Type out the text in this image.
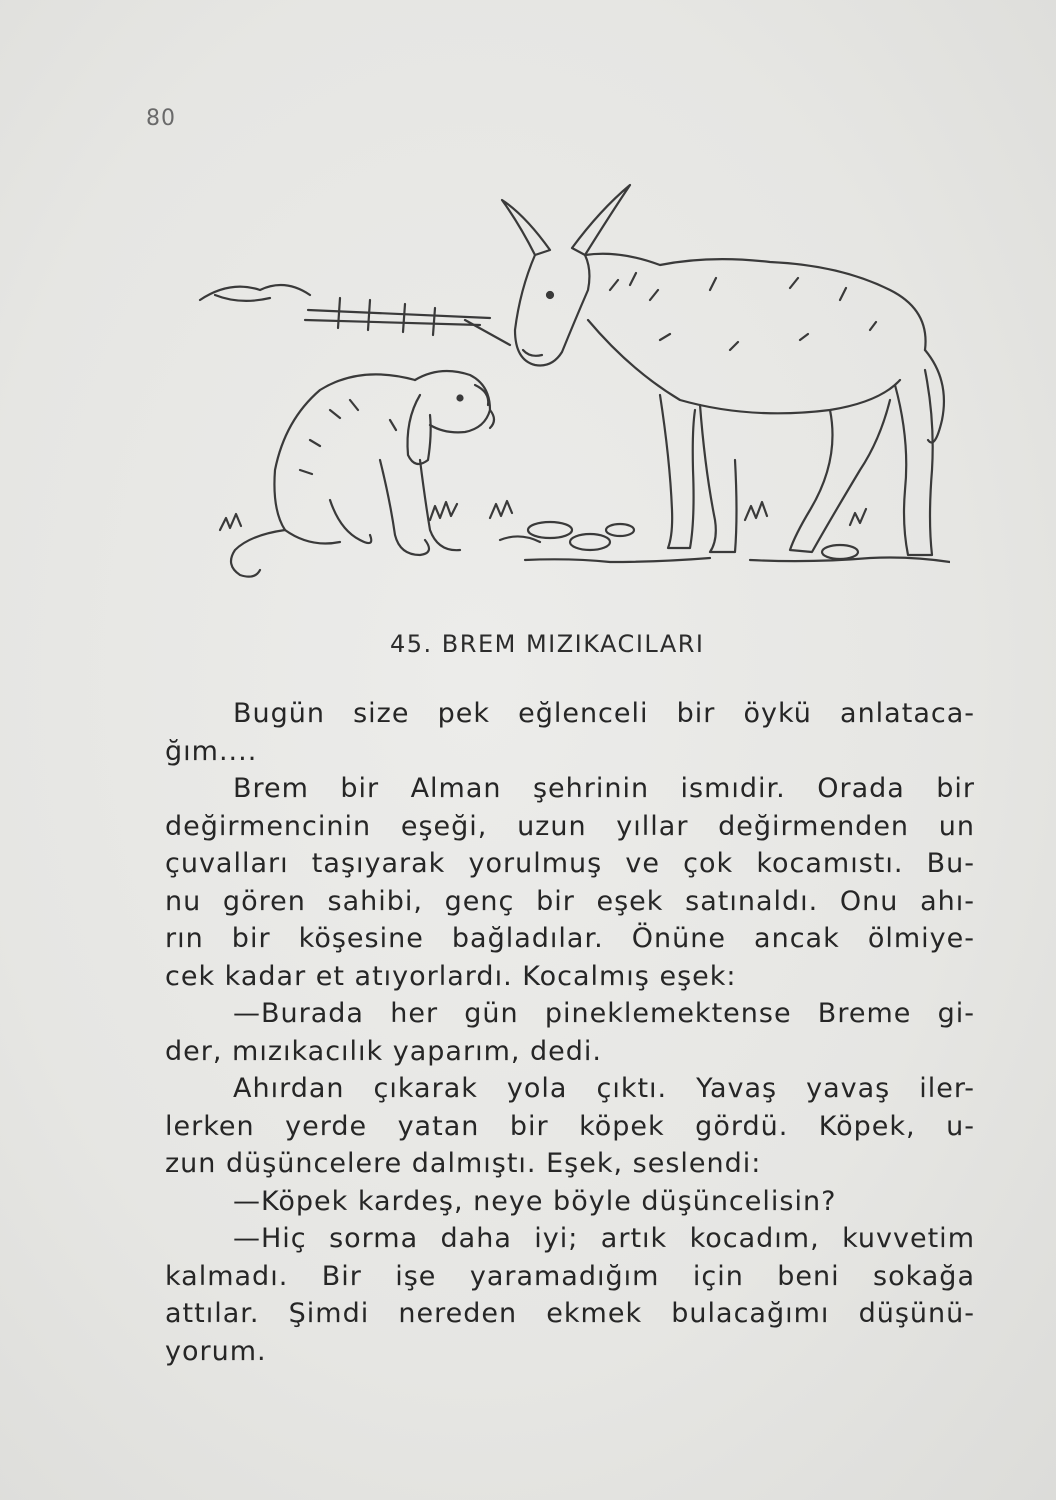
80
45. BREM MIZIKACILARI
Bugün size pek eğlenceli bir öykü anlataca-
ğım....
Brem bir Alman şehrinin ismıdir. Orada bir
değirmencinin eşeği, uzun yıllar değirmenden un
çuvalları taşıyarak yorulmuş ve çok kocamıstı. Bu-
nu gören sahibi, genç bir eşek satınaldı. Onu ahı-
rın bir köşesine bağladılar. Önüne ancak ölmiye-
cek kadar et atıyorlardı. Kocalmış eşek:
—Burada her gün pineklemektense Breme gi-
der, mızıkacılık yaparım, dedi.
Ahırdan çıkarak yola çıktı. Yavaş yavaş iler-
lerken yerde yatan bir köpek gördü. Köpek, u-
zun düşüncelere dalmıştı. Eşek, seslendi:
—Köpek kardeş, neye böyle düşüncelisin?
—Hiç sorma daha iyi; artık kocadım, kuvvetim
kalmadı. Bir işe yaramadığım için beni sokağa
attılar. Şimdi nereden ekmek bulacağımı düşünü-
yorum.
